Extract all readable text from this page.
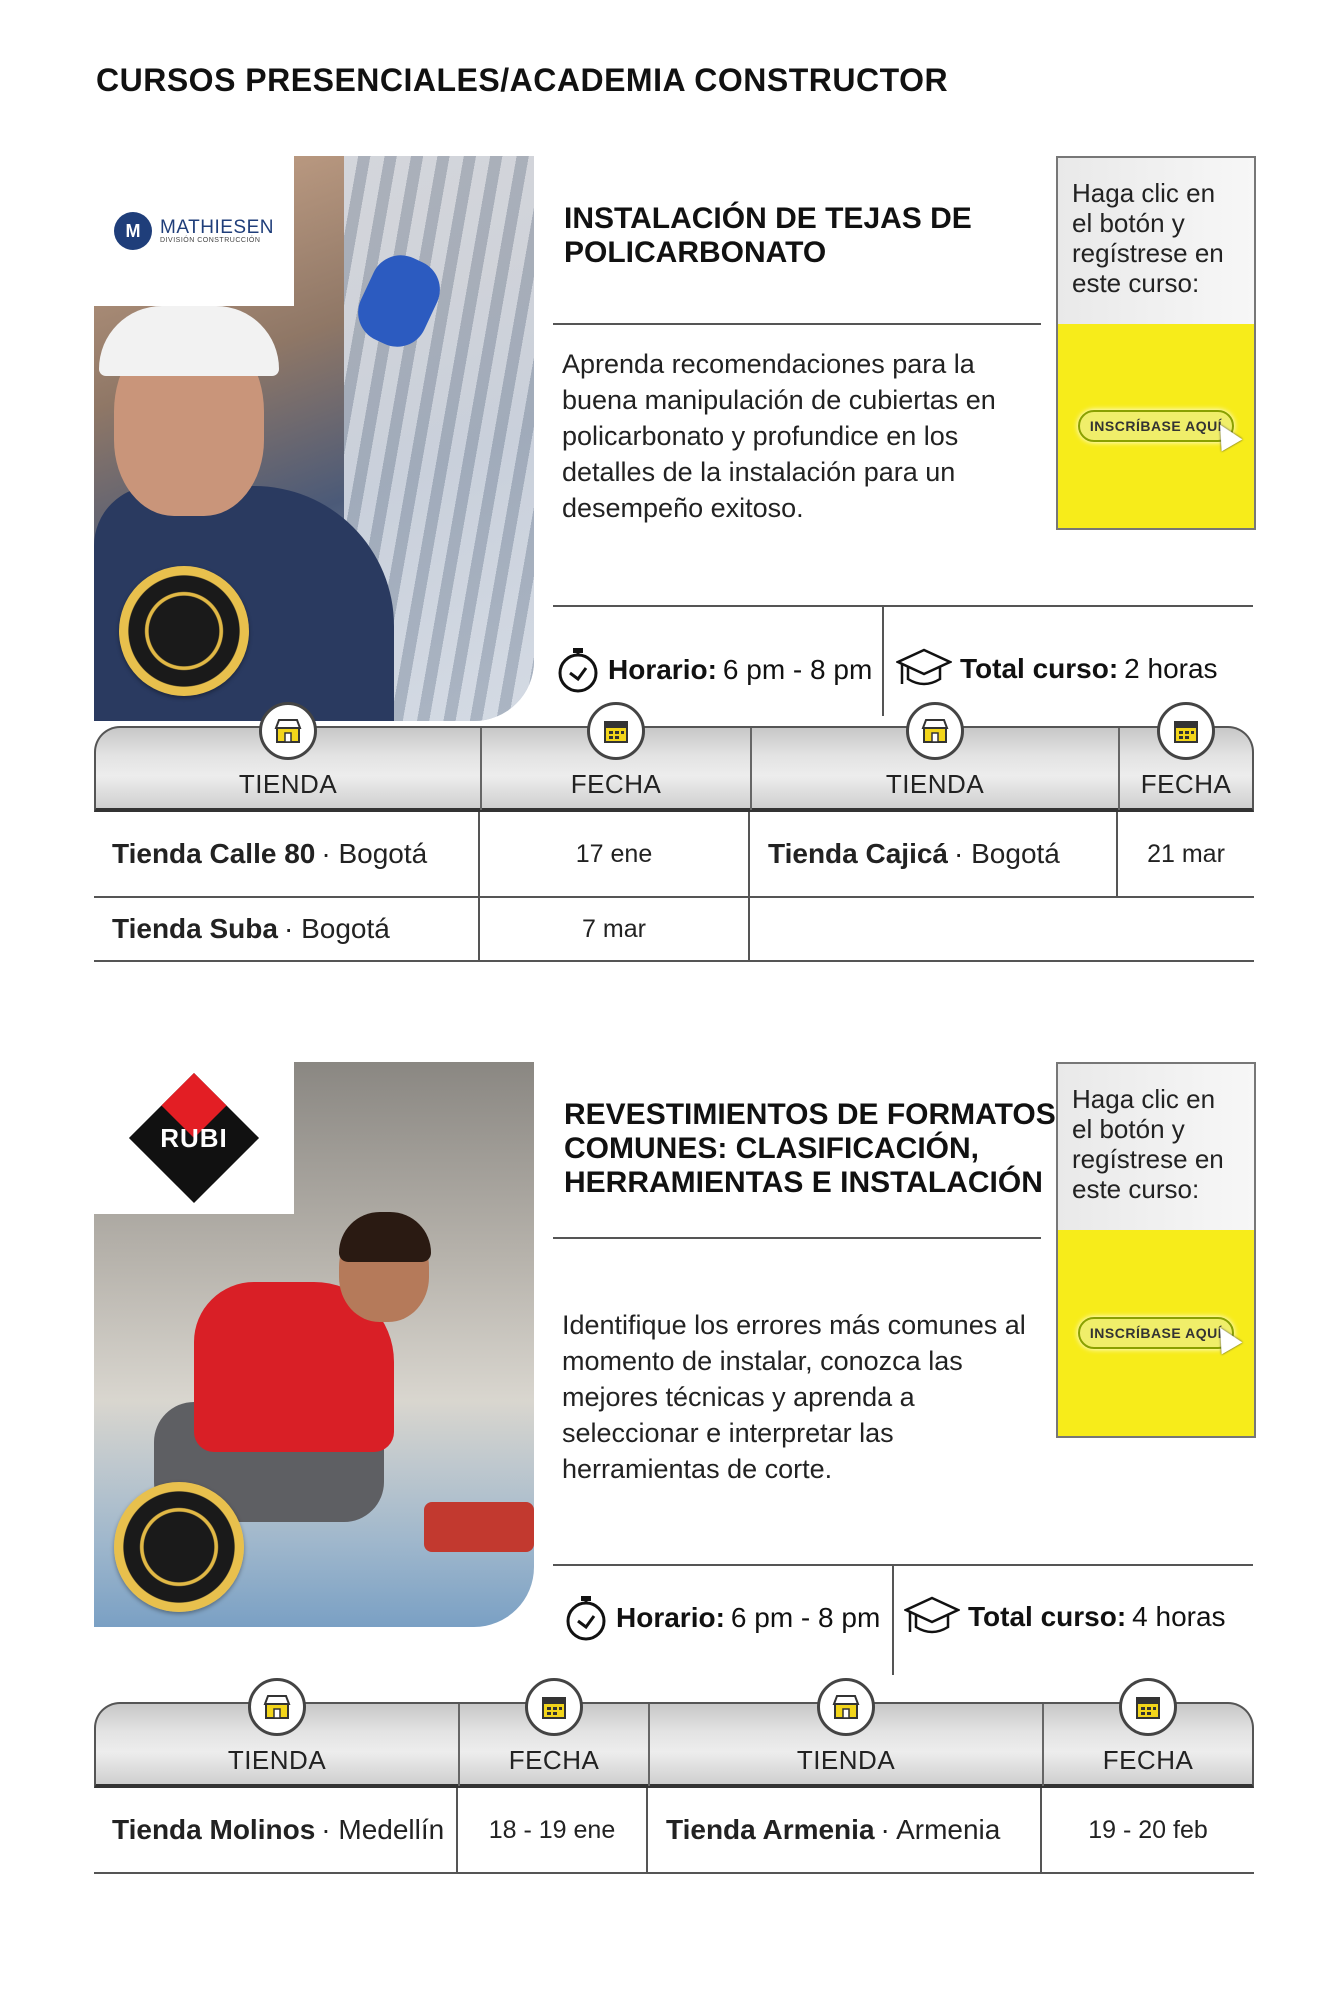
CURSOS PRESENCIALES/ACADEMIA CONSTRUCTOR
M	MATHIESEN
DIVISIÓN CONSTRUCCIÓN
INSTALACIÓN DE TEJAS DE POLICARBONATO
Aprenda recomendaciones para la buena manipulación de cubiertas en policarbonato y profundice en los detalles de la instalación para un desempeño exitoso.
Haga clic en el botón y regístrese en este curso:
INSCRÍBASE AQUÍ
Horario: 6 pm - 8 pm	Total curso: 2 horas
TIENDA	FECHA	TIENDA	FECHA
Tienda Calle 80 · Bogotá	17 ene	Tienda Cajicá · Bogotá	21 mar
Tienda Suba · Bogotá	7 mar
RUBI
REVESTIMIENTOS DE FORMATOS COMUNES: CLASIFICACIÓN, HERRAMIENTAS E INSTALACIÓN
Identifique los errores más comunes al momento de instalar, conozca las mejores técnicas y aprenda a seleccionar e interpretar las herramientas de corte.
Haga clic en el botón y regístrese en este curso:
INSCRÍBASE AQUÍ
Horario: 6 pm - 8 pm	Total curso: 4 horas
TIENDA	FECHA	TIENDA	FECHA
Tienda Molinos · Medellín	18 - 19 ene	Tienda Armenia · Armenia	19 - 20 feb
